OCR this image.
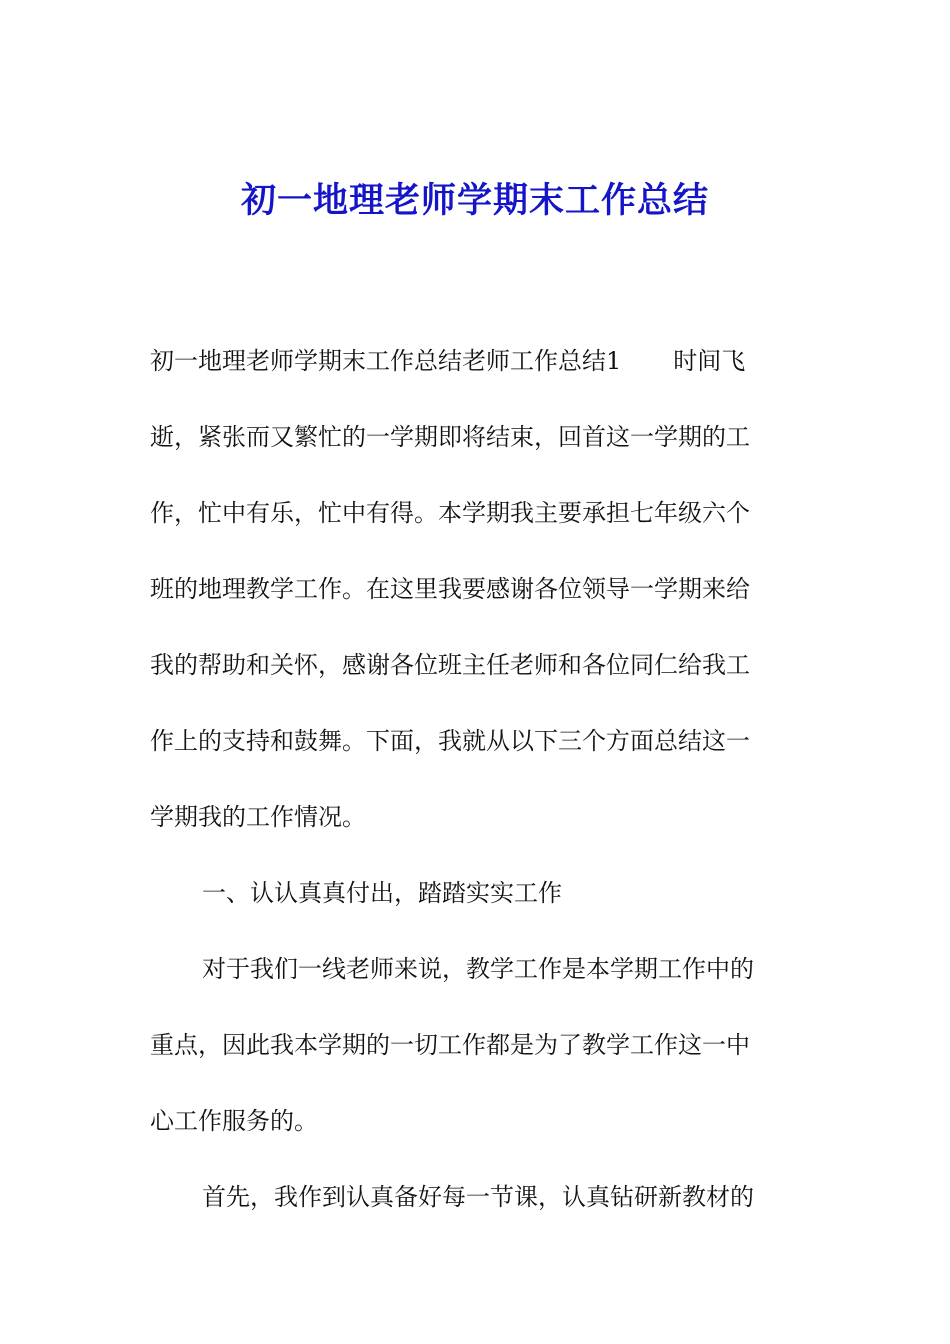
初一地理老师学期末工作总结
初一地理老师学期末工作总结老师工作总结1 时间飞
逝，紧张而又繁忙的一学期即将结束，回首这一学期的工
作，忙中有乐，忙中有得。本学期我主要承担七年级六个
班的地理教学工作。在这里我要感谢各位领导一学期来给
我的帮助和关怀，感谢各位班主任老师和各位同仁给我工
作上的支持和鼓舞。下面，我就从以下三个方面总结这一
学期我的工作情况。
一、认认真真付出，踏踏实实工作
对于我们一线老师来说，教学工作是本学期工作中的
重点，因此我本学期的一切工作都是为了教学工作这一中
心工作服务的。
首先，我作到认真备好每一节课，认真钻研新教材的
